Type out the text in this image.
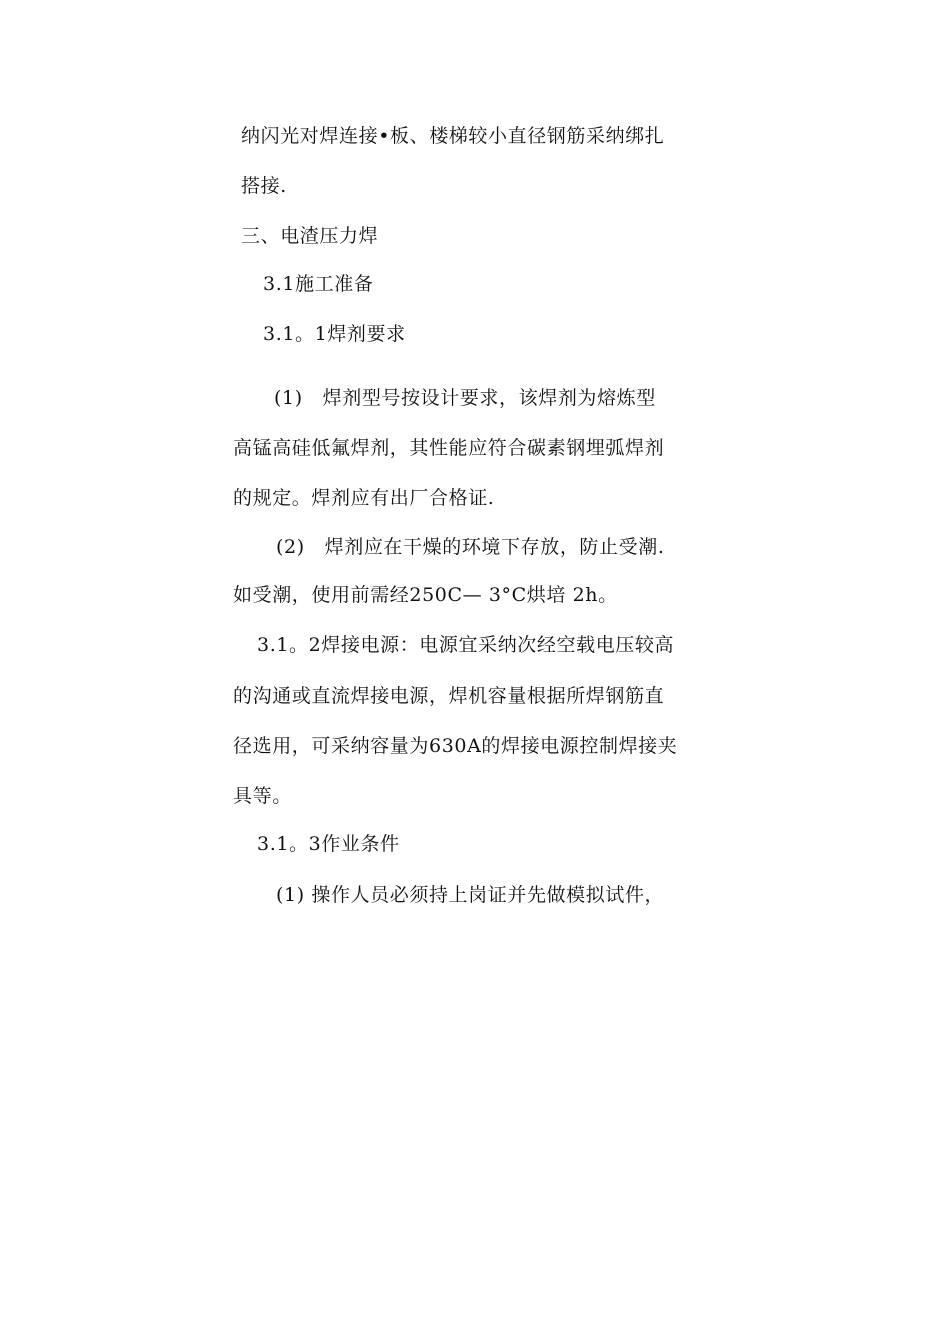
纳闪光对焊连接•板、楼梯较小直径钢筋采纳绑扎
搭接.
三、电渣压力焊
3.1施工准备
3.1。1焊剂要求
(1)   焊剂型号按设计要求，该焊剂为熔炼型
高锰高硅低氟焊剂，其性能应符合碳素钢埋弧焊剂
的规定。焊剂应有出厂合格证.
(2)   焊剂应在干燥的环境下存放，防止受潮.
如受潮，使用前需经250C— 3°C烘培 2h。
3.1。2焊接电源：电源宜采纳次经空载电压较高
的沟通或直流焊接电源，焊机容量根据所焊钢筋直
径选用，可采纳容量为630A的焊接电源控制焊接夹
具等。
3.1。3作业条件
(1) 操作人员必须持上岗证并先做模拟试件，
